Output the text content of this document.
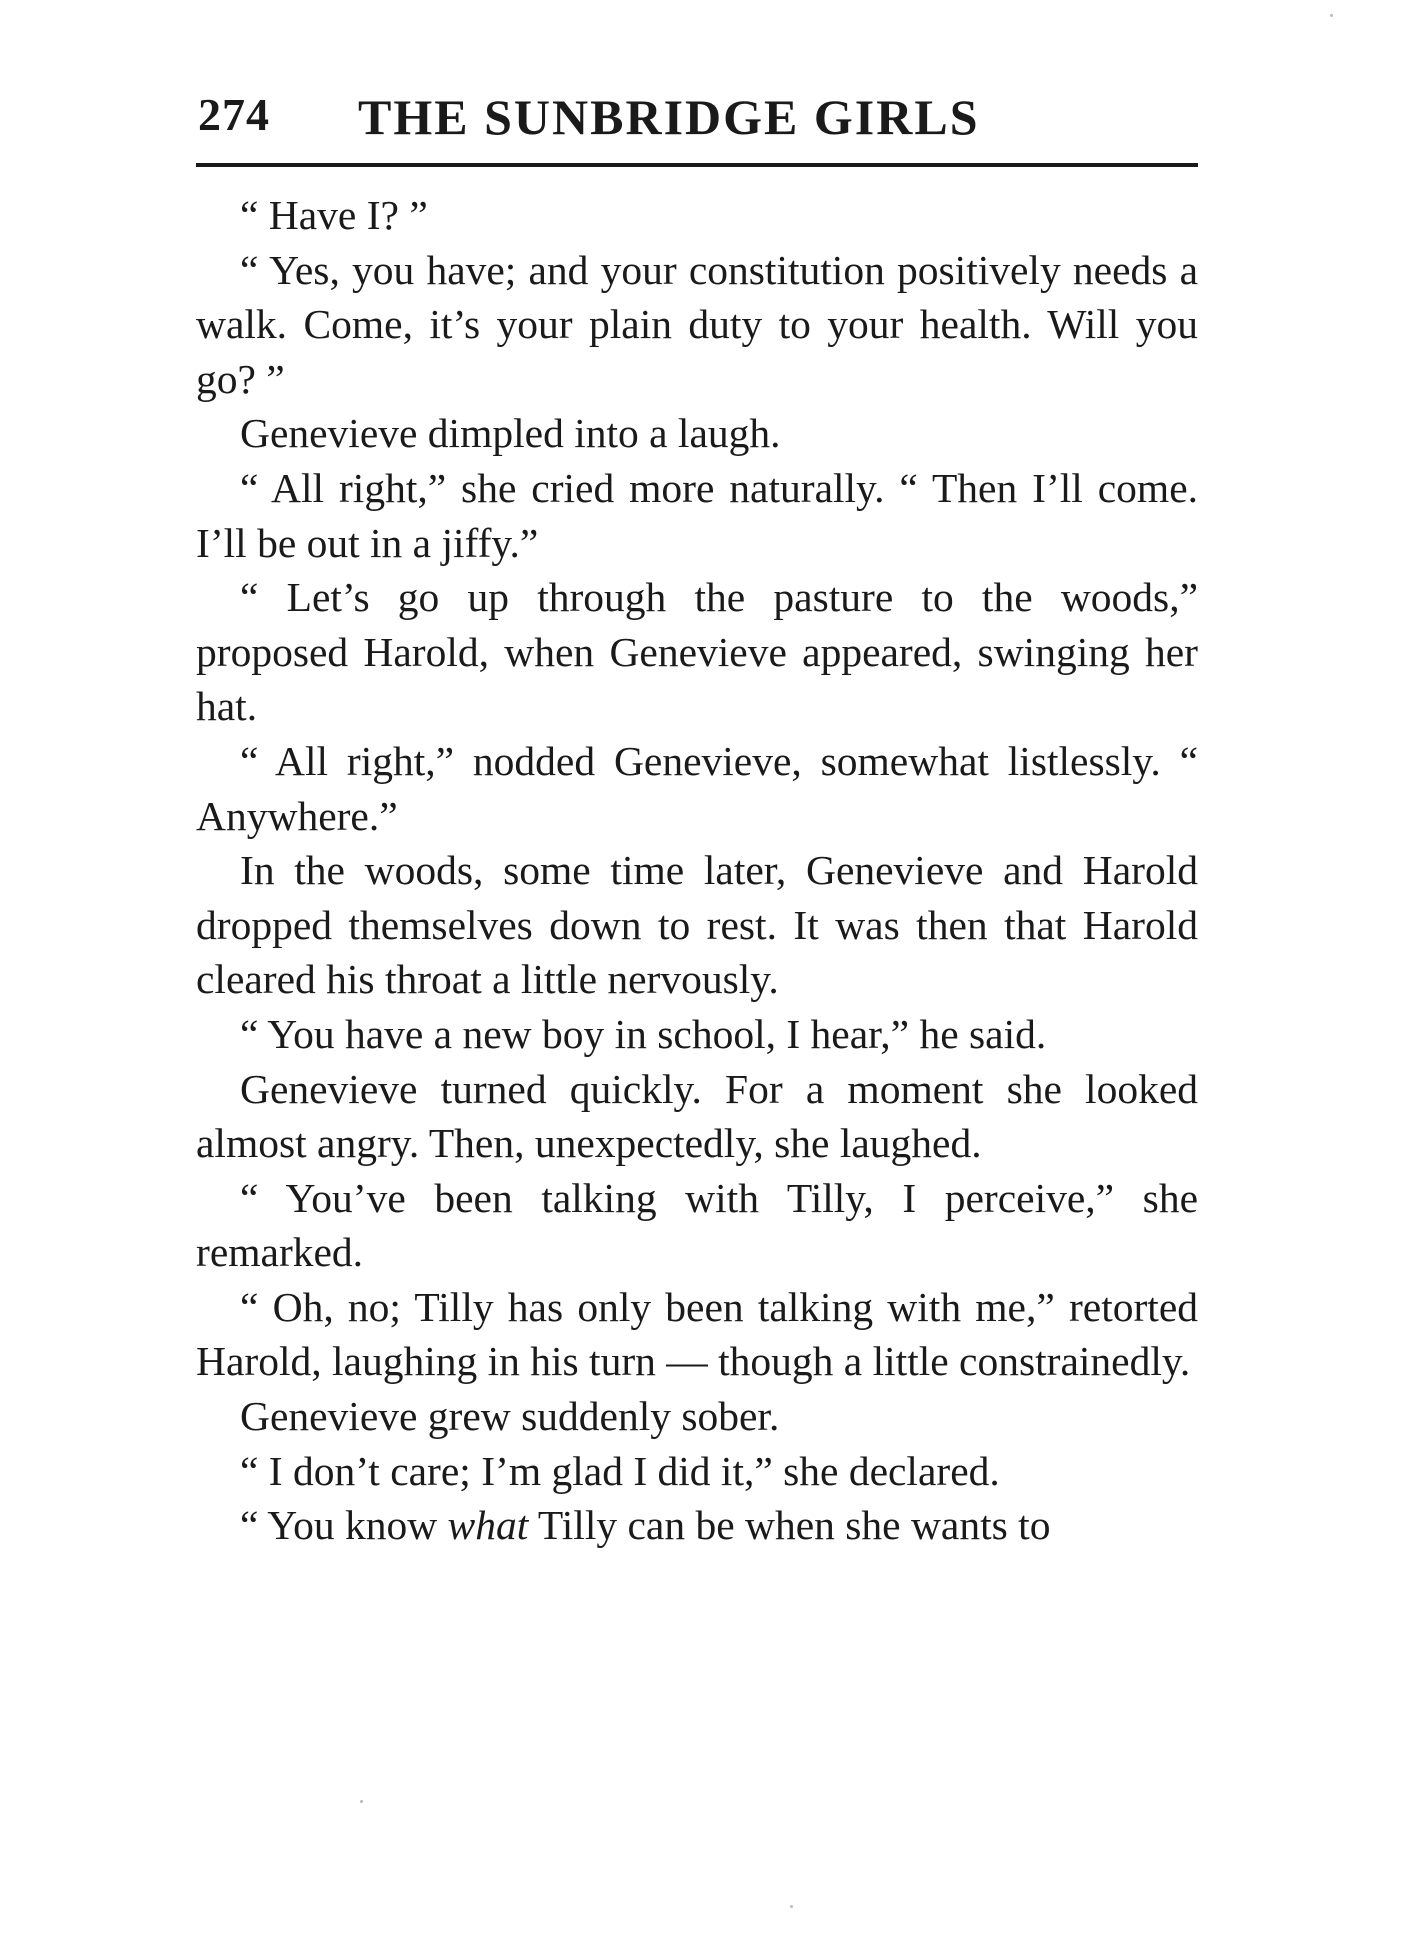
274 THE SUNBRIDGE GIRLS

“ Have I? ”

“ Yes, you have; and your constitution positively needs a walk. Come, it’s your plain duty to your health. Will you go? ”

Genevieve dimpled into a laugh.

“ All right,” she cried more naturally. “ Then I’ll come. I’ll be out in a jiffy.”

“ Let’s go up through the pasture to the woods,” proposed Harold, when Genevieve appeared, swinging her hat.

“ All right,” nodded Genevieve, somewhat listlessly. “ Anywhere.”

In the woods, some time later, Genevieve and Harold dropped themselves down to rest. It was then that Harold cleared his throat a little nervously.

“ You have a new boy in school, I hear,” he said.

Genevieve turned quickly. For a moment she looked almost angry. Then, unexpectedly, she laughed.

“ You’ve been talking with Tilly, I perceive,” she remarked.

“ Oh, no; Tilly has only been talking with me,” retorted Harold, laughing in his turn — though a little constrainedly.

Genevieve grew suddenly sober.

“ I don’t care; I’m glad I did it,” she declared.

“ You know what Tilly can be when she wants to
